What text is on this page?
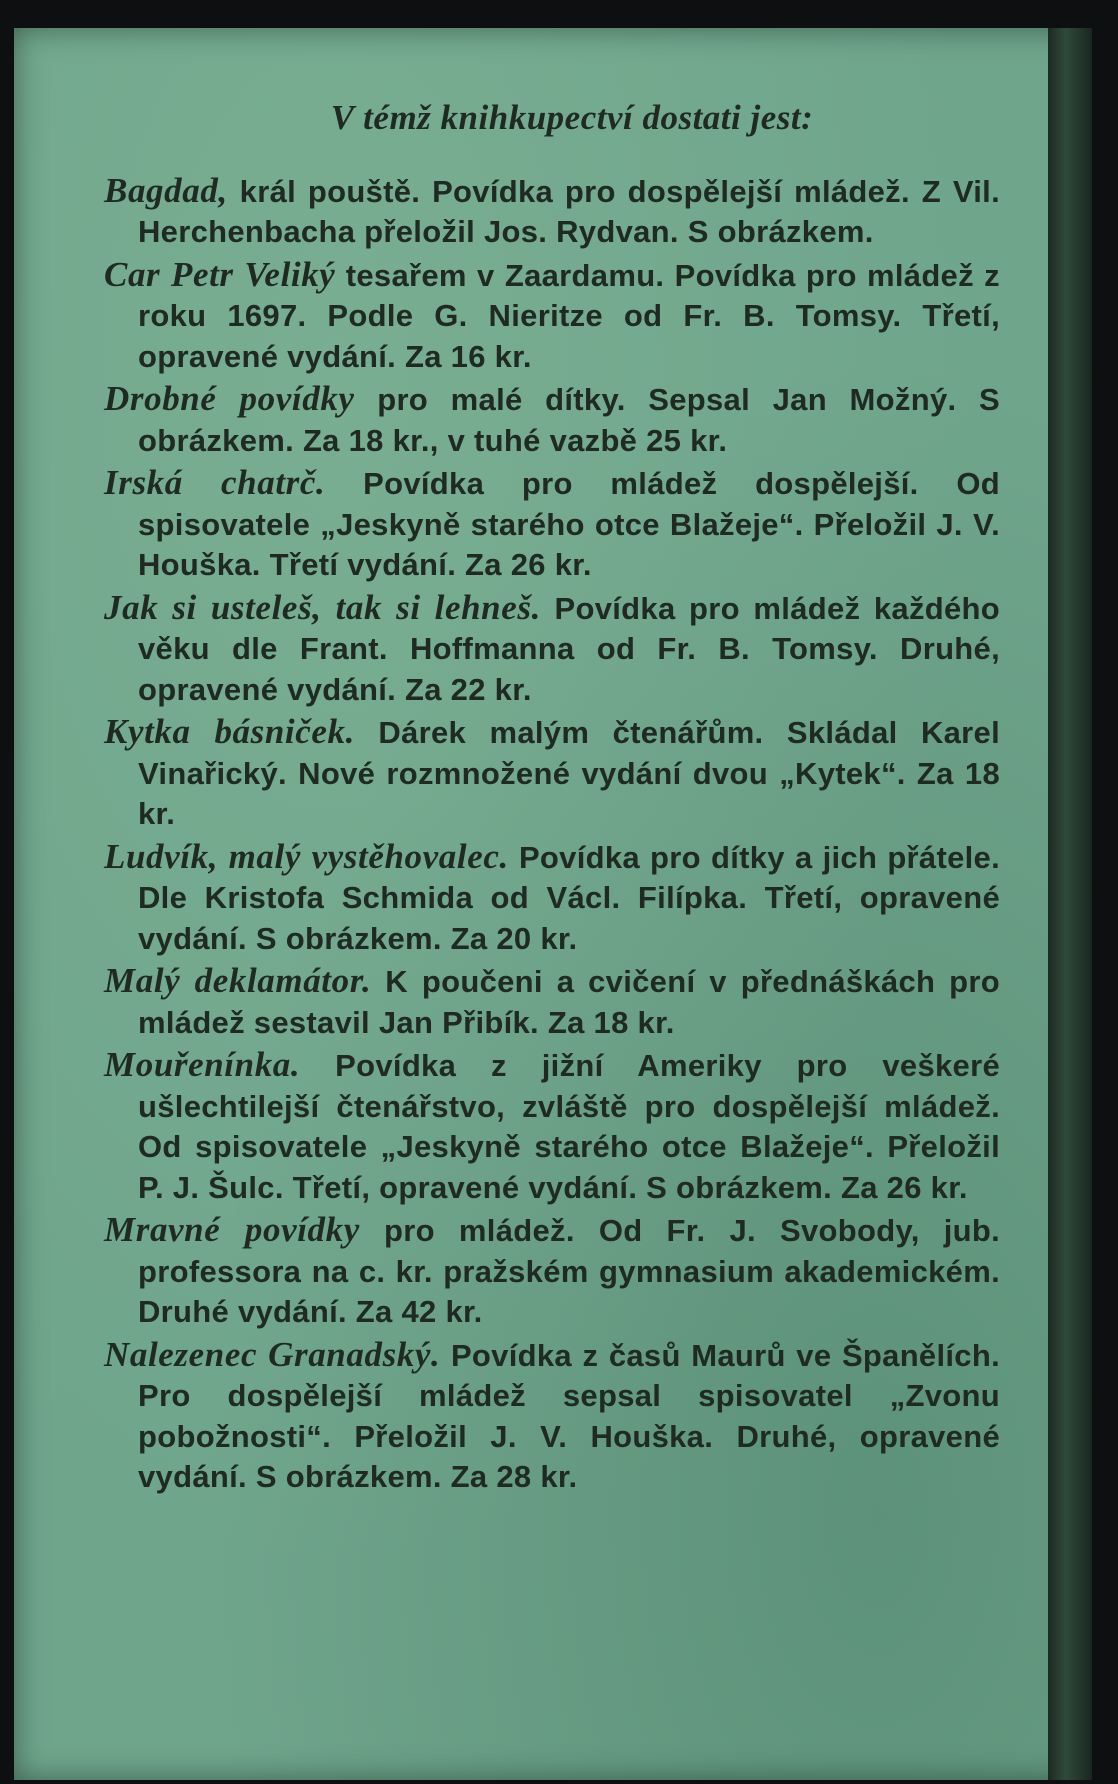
V témž knihkupectví dostati jest:
Bagdad, král pouště. Povídka pro dospělejší mládež. Z Vil. Herchenbacha přeložil Jos. Rydvan. S obrázkem.
Car Petr Veliký tesařem v Zaardamu. Povídka pro mládež z roku 1697. Podle G. Nieritze od Fr. B. Tomsy. Třetí, opravené vydání. Za 16 kr.
Drobné povídky pro malé dítky. Sepsal Jan Možný. S obrázkem. Za 18 kr., v tuhé vazbě 25 kr.
Irská chatrč. Povídka pro mládež dospělejší. Od spisovatele „Jeskyně starého otce Blažeje“. Přeložil J. V. Houška. Třetí vydání. Za 26 kr.
Jak si usteleš, tak si lehneš. Povídka pro mládež každého věku dle Frant. Hoffmanna od Fr. B. Tomsy. Druhé, opravené vydání. Za 22 kr.
Kytka básniček. Dárek malým čtenářům. Skládal Karel Vinařický. Nové rozmnožené vydání dvou „Kytek“. Za 18 kr.
Ludvík, malý vystěhovalec. Povídka pro dítky a jich přátele. Dle Kristofa Schmida od Václ. Filípka. Třetí, opravené vydání. S obrázkem. Za 20 kr.
Malý deklamátor. K poučeni a cvičení v přednáškách pro mládež sestavil Jan Přibík. Za 18 kr.
Mouřenínka. Povídka z jižní Ameriky pro veškeré ušlechtilejší čtenářstvo, zvláště pro dospělejší mládež. Od spisovatele „Jeskyně starého otce Blažeje“. Přeložil P. J. Šulc. Třetí, opravené vydání. S obrázkem. Za 26 kr.
Mravné povídky pro mládež. Od Fr. J. Svobody, jub. professora na c. kr. pražském gymnasium akademickém. Druhé vydání. Za 42 kr.
Nalezenec Granadský. Povídka z časů Maurů ve Španělích. Pro dospělejší mládež sepsal spisovatel „Zvonu pobožnosti“. Přeložil J. V. Houška. Druhé, opravené vydání. S obrázkem. Za 28 kr.
